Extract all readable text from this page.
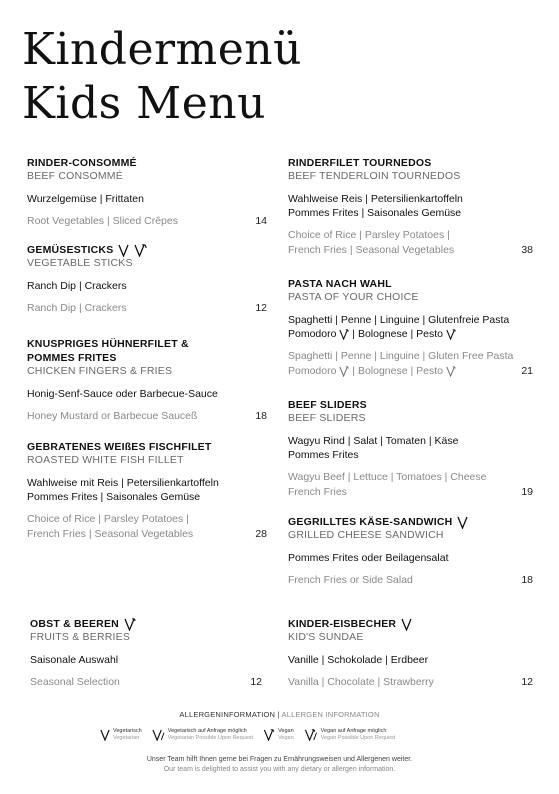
Kindermenü
Kids Menu
RINDER-CONSOMMÉ
BEEF CONSOMMÉ
Wurzelgemüse | Frittaten
Root Vegetables | Sliced Crêpes	14
GEMÜSESTICKS
VEGETABLE STICKS
Ranch Dip | Crackers
Ranch Dip | Crackers	12
KNUSPRIGES HÜHNERFILET & POMMES FRITES
CHICKEN FINGERS & FRIES
Honig-Senf-Sauce oder Barbecue-Sauce
Honey Mustard or Barbecue Sauceß	18
GEBRATENES WEIßES FISCHFILET
ROASTED WHITE FISH FILLET
Wahlweise mit Reis | Petersilienkartoffeln Pommes Frites | Saisonales Gemüse
Choice of Rice | Parsley Potatoes | French Fries | Seasonal Vegetables	28
OBST & BEEREN
FRUITS & BERRIES
Saisonale Auswahl
Seasonal Selection	12
RINDERFILET TOURNEDOS
BEEF TENDERLOIN TOURNEDOS
Wahlweise Reis | Petersilienkartoffeln Pommes Frites | Saisonales Gemüse
Choice of Rice | Parsley Potatoes | French Fries | Seasonal Vegetables	38
PASTA NACH WAHL
PASTA OF YOUR CHOICE
Spaghetti | Penne | Linguine | Glutenfreie Pasta
Pomodoro | Bolognese | Pesto
Spaghetti | Penne | Linguine | Gluten Free Pasta
Pomodoro | Bolognese | Pesto	21
BEEF SLIDERS
BEEF SLIDERS
Wagyu Rind | Salat | Tomaten | Käse Pommes Frites
Wagyu Beef | Lettuce | Tomatoes | Cheese French Fries	19
GEGRILLTES KÄSE-SANDWICH
GRILLED CHEESE SANDWICH
Pommes Frites oder Beilagensalat
French Fries or Side Salad	18
KINDER-EISBECHER
KID'S SUNDAE
Vanille | Schokolade | Erdbeer
Vanilla | Chocolate | Strawberry	12
ALLERGENINFORMATION | ALLERGEN INFORMATION
Vegetarisch
Vegetarian
Vegetarisch auf Anfrage möglich
Vegetarian Possible Upon Request
Vegan
Vegan
Vegan auf Anfrage möglich
Vegan Possible Upon Request
Unser Team hilft Ihnen gerne bei Fragen zu Ernährungsweisen und Allergenen weiter.
Our team is delighted to assist you with any dietary or allergen information.
